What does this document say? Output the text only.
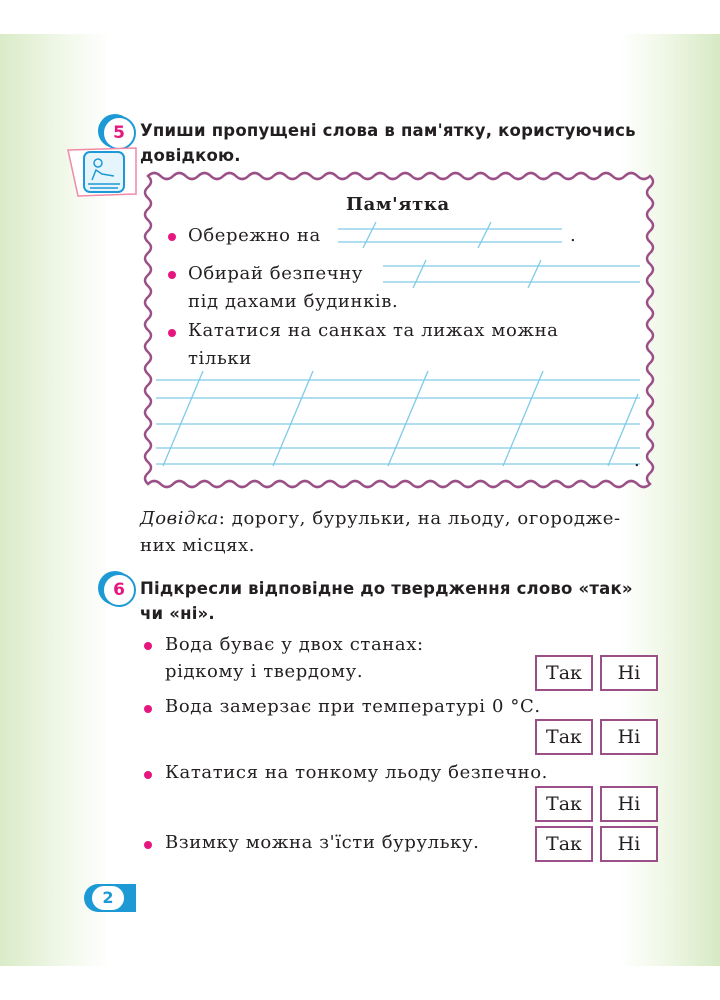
5 Упиши пропущені слова в пам'ятку, користуючись
довідкою.
Пам'ятка
Обережно на	.
Обирай безпечну
під дахами будинків.
Кататися на санках та лижах можна
тільки
.
Довідка: дорогу, бурульки, на льоду, огородже-
них місцях.
6 Підкресли відповідне до твердження слово «так»
чи «ні».
Вода буває у двох станах:
рідкому і твердому.	Так	Ні
Вода замерзає при температурі 0 °С.
Так	Ні
Кататися на тонкому льоду безпечно.
Так	Ні
Взимку можна з'їсти бурульку.	Так	Ні
2
